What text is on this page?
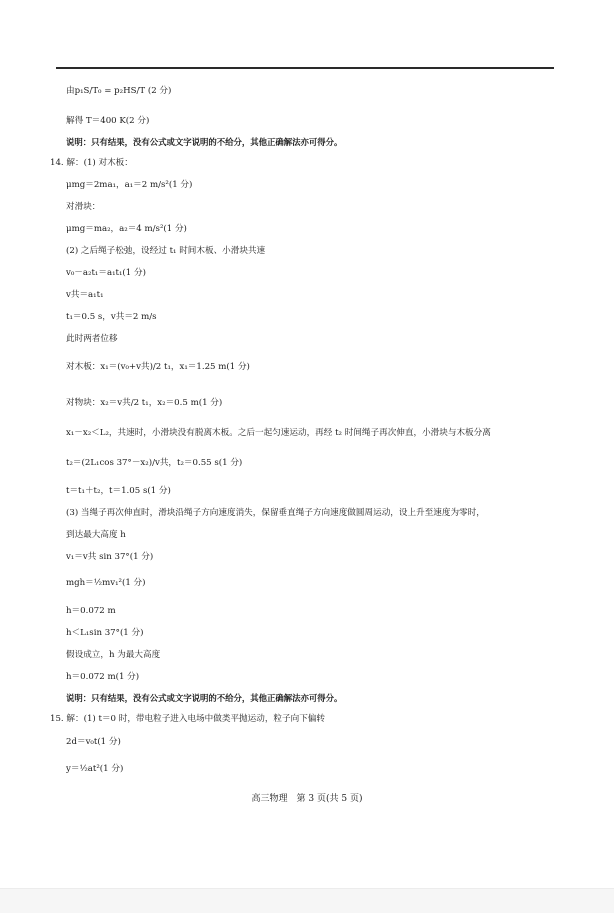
由p₁S/T₀ = p₂HS/T (2 分)
解得 T＝400 K(2 分)
说明：只有结果，没有公式或文字说明的不给分，其他正确解法亦可得分。
14. 解：(1) 对木板：
μmg＝2ma₁，a₁＝2 m/s²(1 分)
对滑块：
μmg＝ma₂，a₂＝4 m/s²(1 分)
(2) 之后绳子松弛，设经过 t₁ 时间木板、小滑块共速
v₀－a₂t₁＝a₁t₁(1 分)
v共＝a₁t₁
t₁＝0.5 s，v共＝2 m/s
此时两者位移
对木板：x₁＝(v₀+v共)/2 t₁，x₁＝1.25 m(1 分)
对物块：x₂＝v共/2 t₁，x₂＝0.5 m(1 分)
x₁－x₂＜L₂，共速时，小滑块没有脱离木板。之后一起匀速运动，再经 t₂ 时间绳子再次伸直，小滑块与木板分离
t₂＝(2L₁cos 37°－x₂)/v共，t₂＝0.55 s(1 分)
t＝t₁＋t₂，t＝1.05 s(1 分)
(3) 当绳子再次伸直时，滑块沿绳子方向速度消失，保留垂直绳子方向速度做圆周运动，设上升至速度为零时，
到达最大高度 h
v₁＝v共 sin 37°(1 分)
mgh＝½mv₁²(1 分)
h＝0.072 m
h＜L₁sin 37°(1 分)
假设成立，h 为最大高度
h＝0.072 m(1 分)
说明：只有结果，没有公式或文字说明的不给分，其他正确解法亦可得分。
15. 解：(1) t＝0 时，带电粒子进入电场中做类平抛运动，粒子向下偏转
2d＝v₀t(1 分)
y＝½at²(1 分)
高三物理　第 3 页(共 5 页)
